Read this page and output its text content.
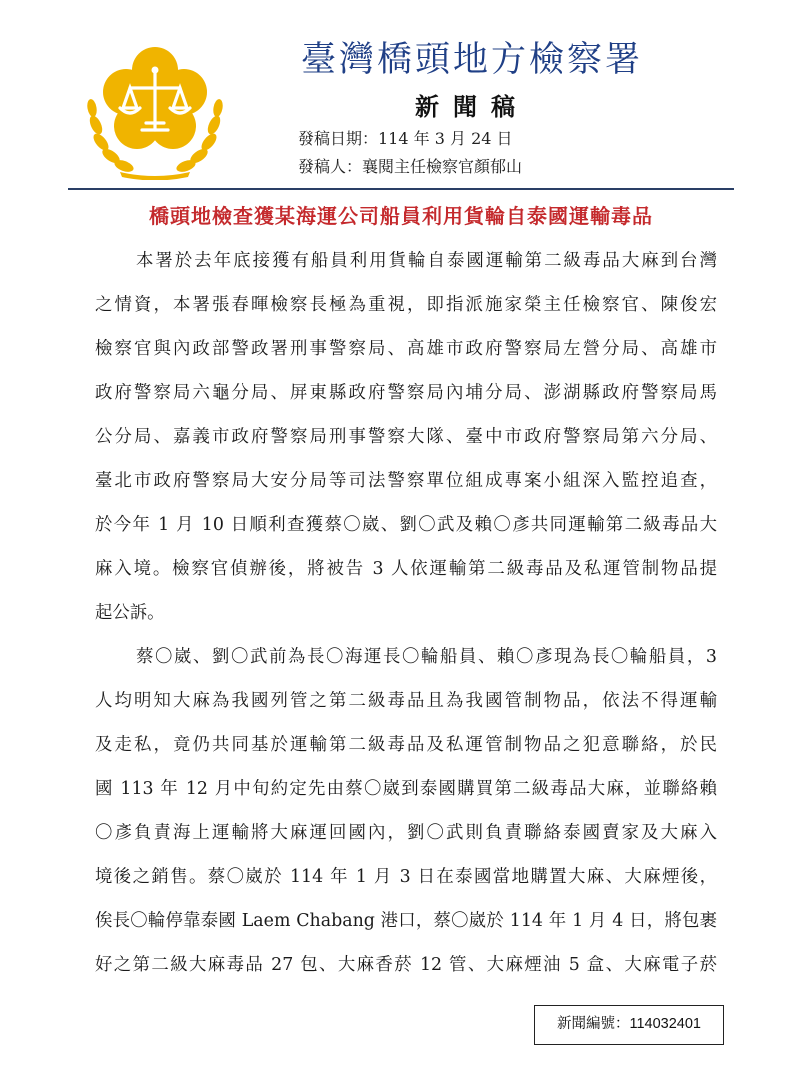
臺灣橋頭地方檢察署
新聞稿
發稿日期：114 年 3 月 24 日
發稿人：襄閱主任檢察官顏郁山
橋頭地檢查獲某海運公司船員利用貨輪自泰國運輸毒品
本署於去年底接獲有船員利用貨輪自泰國運輸第二級毒品大麻到台灣
之情資，本署張春暉檢察長極為重視，即指派施家榮主任檢察官、陳俊宏
檢察官與內政部警政署刑事警察局、高雄市政府警察局左營分局、高雄市
政府警察局六龜分局、屏東縣政府警察局內埔分局、澎湖縣政府警察局馬
公分局、嘉義市政府警察局刑事警察大隊、臺中市政府警察局第六分局、
臺北市政府警察局大安分局等司法警察單位組成專案小組深入監控追查，
於今年 1 月 10 日順利查獲蔡〇崴、劉〇武及賴〇彥共同運輸第二級毒品大
麻入境。檢察官偵辦後，將被告 3 人依運輸第二級毒品及私運管制物品提
起公訴。
蔡〇崴、劉〇武前為長〇海運長〇輪船員、賴〇彥現為長〇輪船員，3
人均明知大麻為我國列管之第二級毒品且為我國管制物品，依法不得運輸
及走私，竟仍共同基於運輸第二級毒品及私運管制物品之犯意聯絡，於民
國 113 年 12 月中旬約定先由蔡〇崴到泰國購買第二級毒品大麻，並聯絡賴
〇彥負責海上運輸將大麻運回國內，劉〇武則負責聯絡泰國賣家及大麻入
境後之銷售。蔡〇崴於 114 年 1 月 3 日在泰國當地購置大麻、大麻煙後，
俟長〇輪停靠泰國 Laem Chabang 港口，蔡〇崴於 114 年 1 月 4 日，將包裹
好之第二級大麻毒品 27 包、大麻香菸 12 管、大麻煙油 5 盒、大麻電子菸
新聞編號：114032401
